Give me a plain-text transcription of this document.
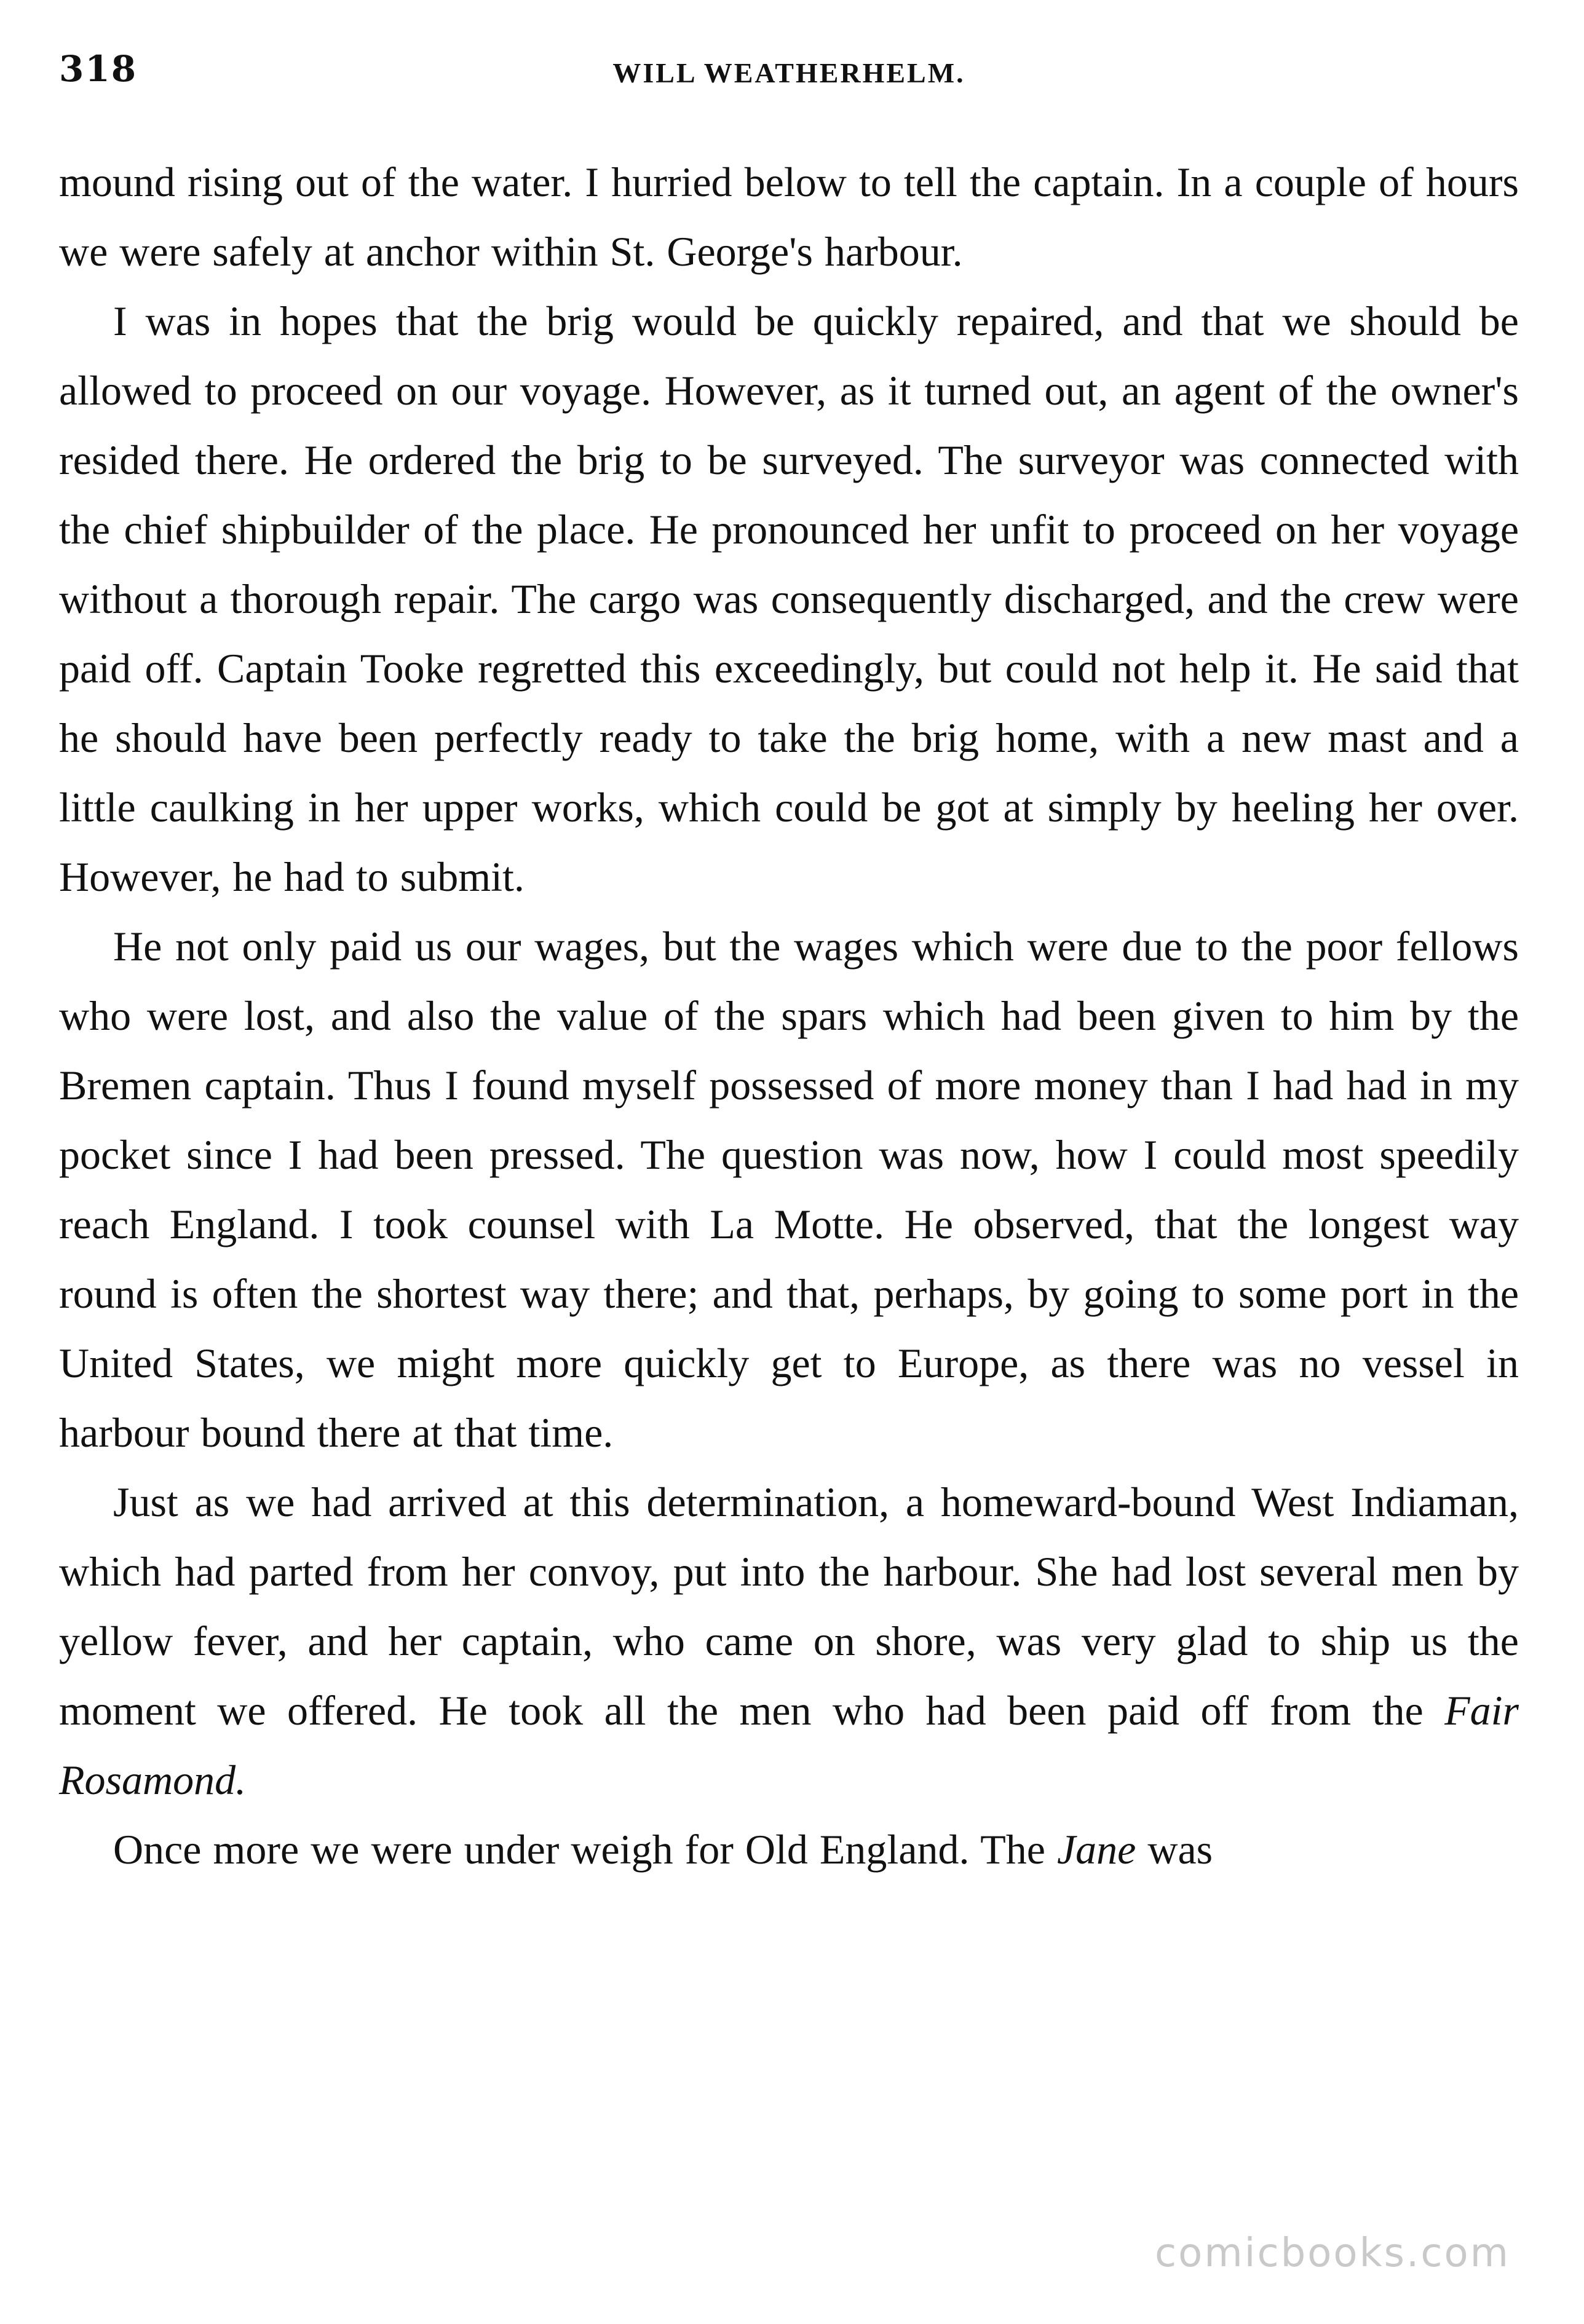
318	WILL WEATHERHELM.

mound rising out of the water. I hurried below to tell the captain. In a couple of hours we were safely at anchor within St. George's harbour.

I was in hopes that the brig would be quickly repaired, and that we should be allowed to proceed on our voyage. However, as it turned out, an agent of the owner's resided there. He ordered the brig to be surveyed. The surveyor was connected with the chief shipbuilder of the place. He pronounced her unfit to proceed on her voyage without a thorough repair. The cargo was consequently discharged, and the crew were paid off. Captain Tooke regretted this exceedingly, but could not help it. He said that he should have been perfectly ready to take the brig home, with a new mast and a little caulking in her upper works, which could be got at simply by heeling her over. However, he had to submit.

He not only paid us our wages, but the wages which were due to the poor fellows who were lost, and also the value of the spars which had been given to him by the Bremen captain. Thus I found myself possessed of more money than I had had in my pocket since I had been pressed. The question was now, how I could most speedily reach England. I took counsel with La Motte. He observed, that the longest way round is often the shortest way there; and that, perhaps, by going to some port in the United States, we might more quickly get to Europe, as there was no vessel in harbour bound there at that time.

Just as we had arrived at this determination, a homeward-bound West Indiaman, which had parted from her convoy, put into the harbour. She had lost several men by yellow fever, and her captain, who came on shore, was very glad to ship us the moment we offered. He took all the men who had been paid off from the Fair Rosamond.

Once more we were under weigh for Old England. The Jane was

comicbooks.com
